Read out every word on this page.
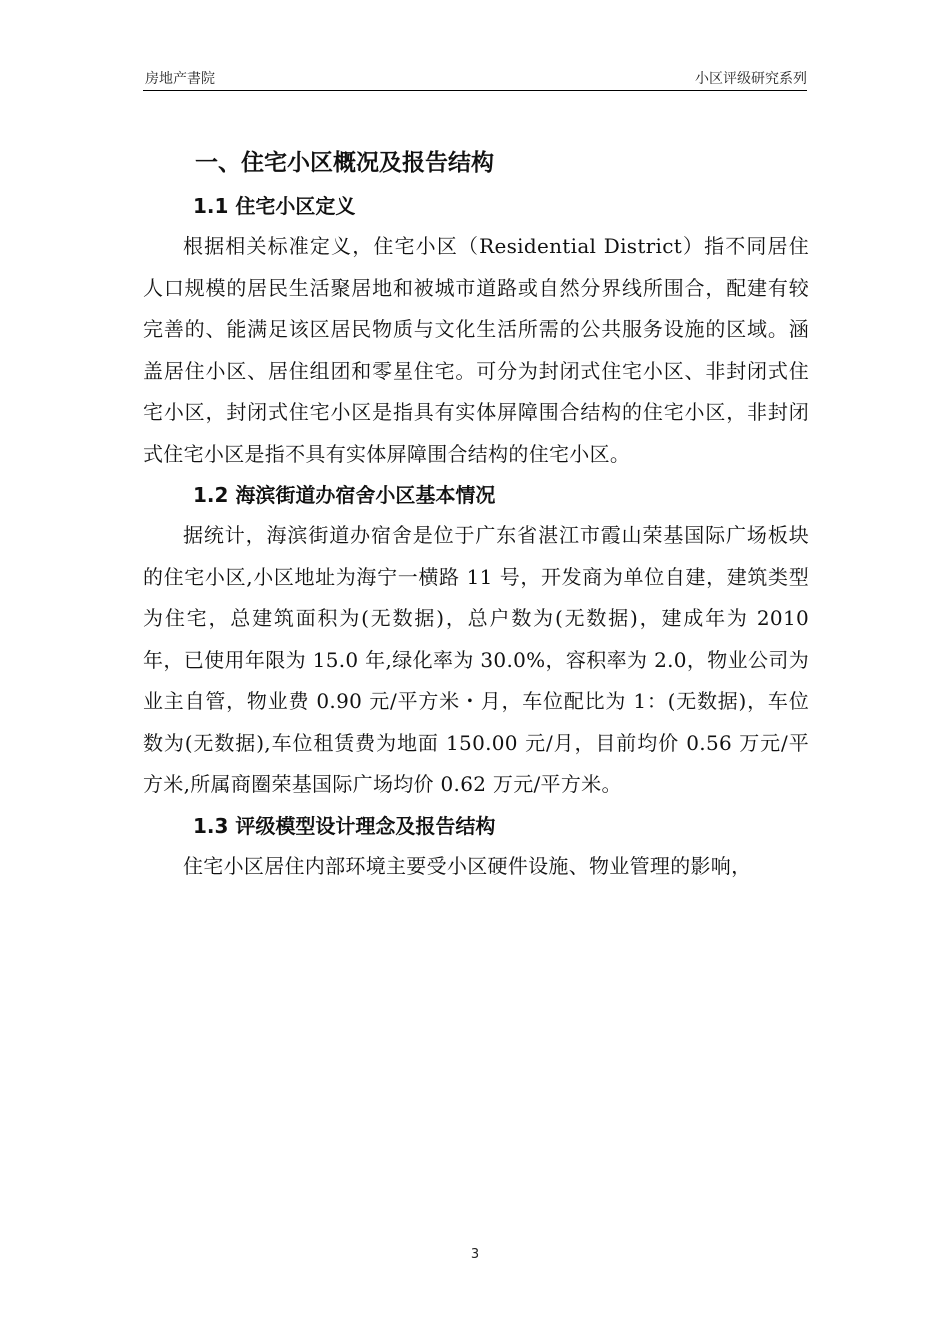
房地产書院	小区评级研究系列
一、住宅小区概况及报告结构
1.1 住宅小区定义

根据相关标准定义，住宅小区（Residential District）指不同居住人口规模的居民生活聚居地和被城市道路或自然分界线所围合，配建有较完善的、能满足该区居民物质与文化生活所需的公共服务设施的区域。涵盖居住小区、居住组团和零星住宅。可分为封闭式住宅小区、非封闭式住宅小区，封闭式住宅小区是指具有实体屏障围合结构的住宅小区，非封闭式住宅小区是指不具有实体屏障围合结构的住宅小区。

1.2 海滨街道办宿舍小区基本情况

据统计，海滨街道办宿舍是位于广东省湛江市霞山荣基国际广场板块的住宅小区,小区地址为海宁一横路 11 号，开发商为单位自建，建筑类型为住宅，总建筑面积为(无数据)，总户数为(无数据)，建成年为 2010 年，已使用年限为 15.0 年,绿化率为 30.0%，容积率为 2.0，物业公司为业主自管，物业费 0.90 元/平方米・月，车位配比为 1：(无数据)，车位数为(无数据),车位租赁费为地面 150.00 元/月，目前均价 0.56 万元/平方米,所属商圈荣基国际广场均价 0.62 万元/平方米。

1.3 评级模型设计理念及报告结构

住宅小区居住内部环境主要受小区硬件设施、物业管理的影响，

3
